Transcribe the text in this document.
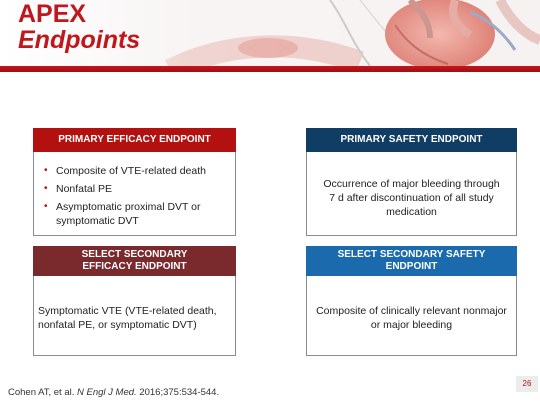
APEX
Endpoints
PRIMARY EFFICACY ENDPOINT
• Composite of VTE-related death
• Nonfatal PE
• Asymptomatic proximal DVT or symptomatic DVT
PRIMARY SAFETY ENDPOINT
Occurrence of major bleeding through 7 d after discontinuation of all study medication
SELECT SECONDARY EFFICACY ENDPOINT
Symptomatic VTE (VTE-related death, nonfatal PE, or symptomatic DVT)
SELECT SECONDARY SAFETY ENDPOINT
Composite of clinically relevant nonmajor or major bleeding
Cohen AT, et al. N Engl J Med. 2016;375:534-544.
26
